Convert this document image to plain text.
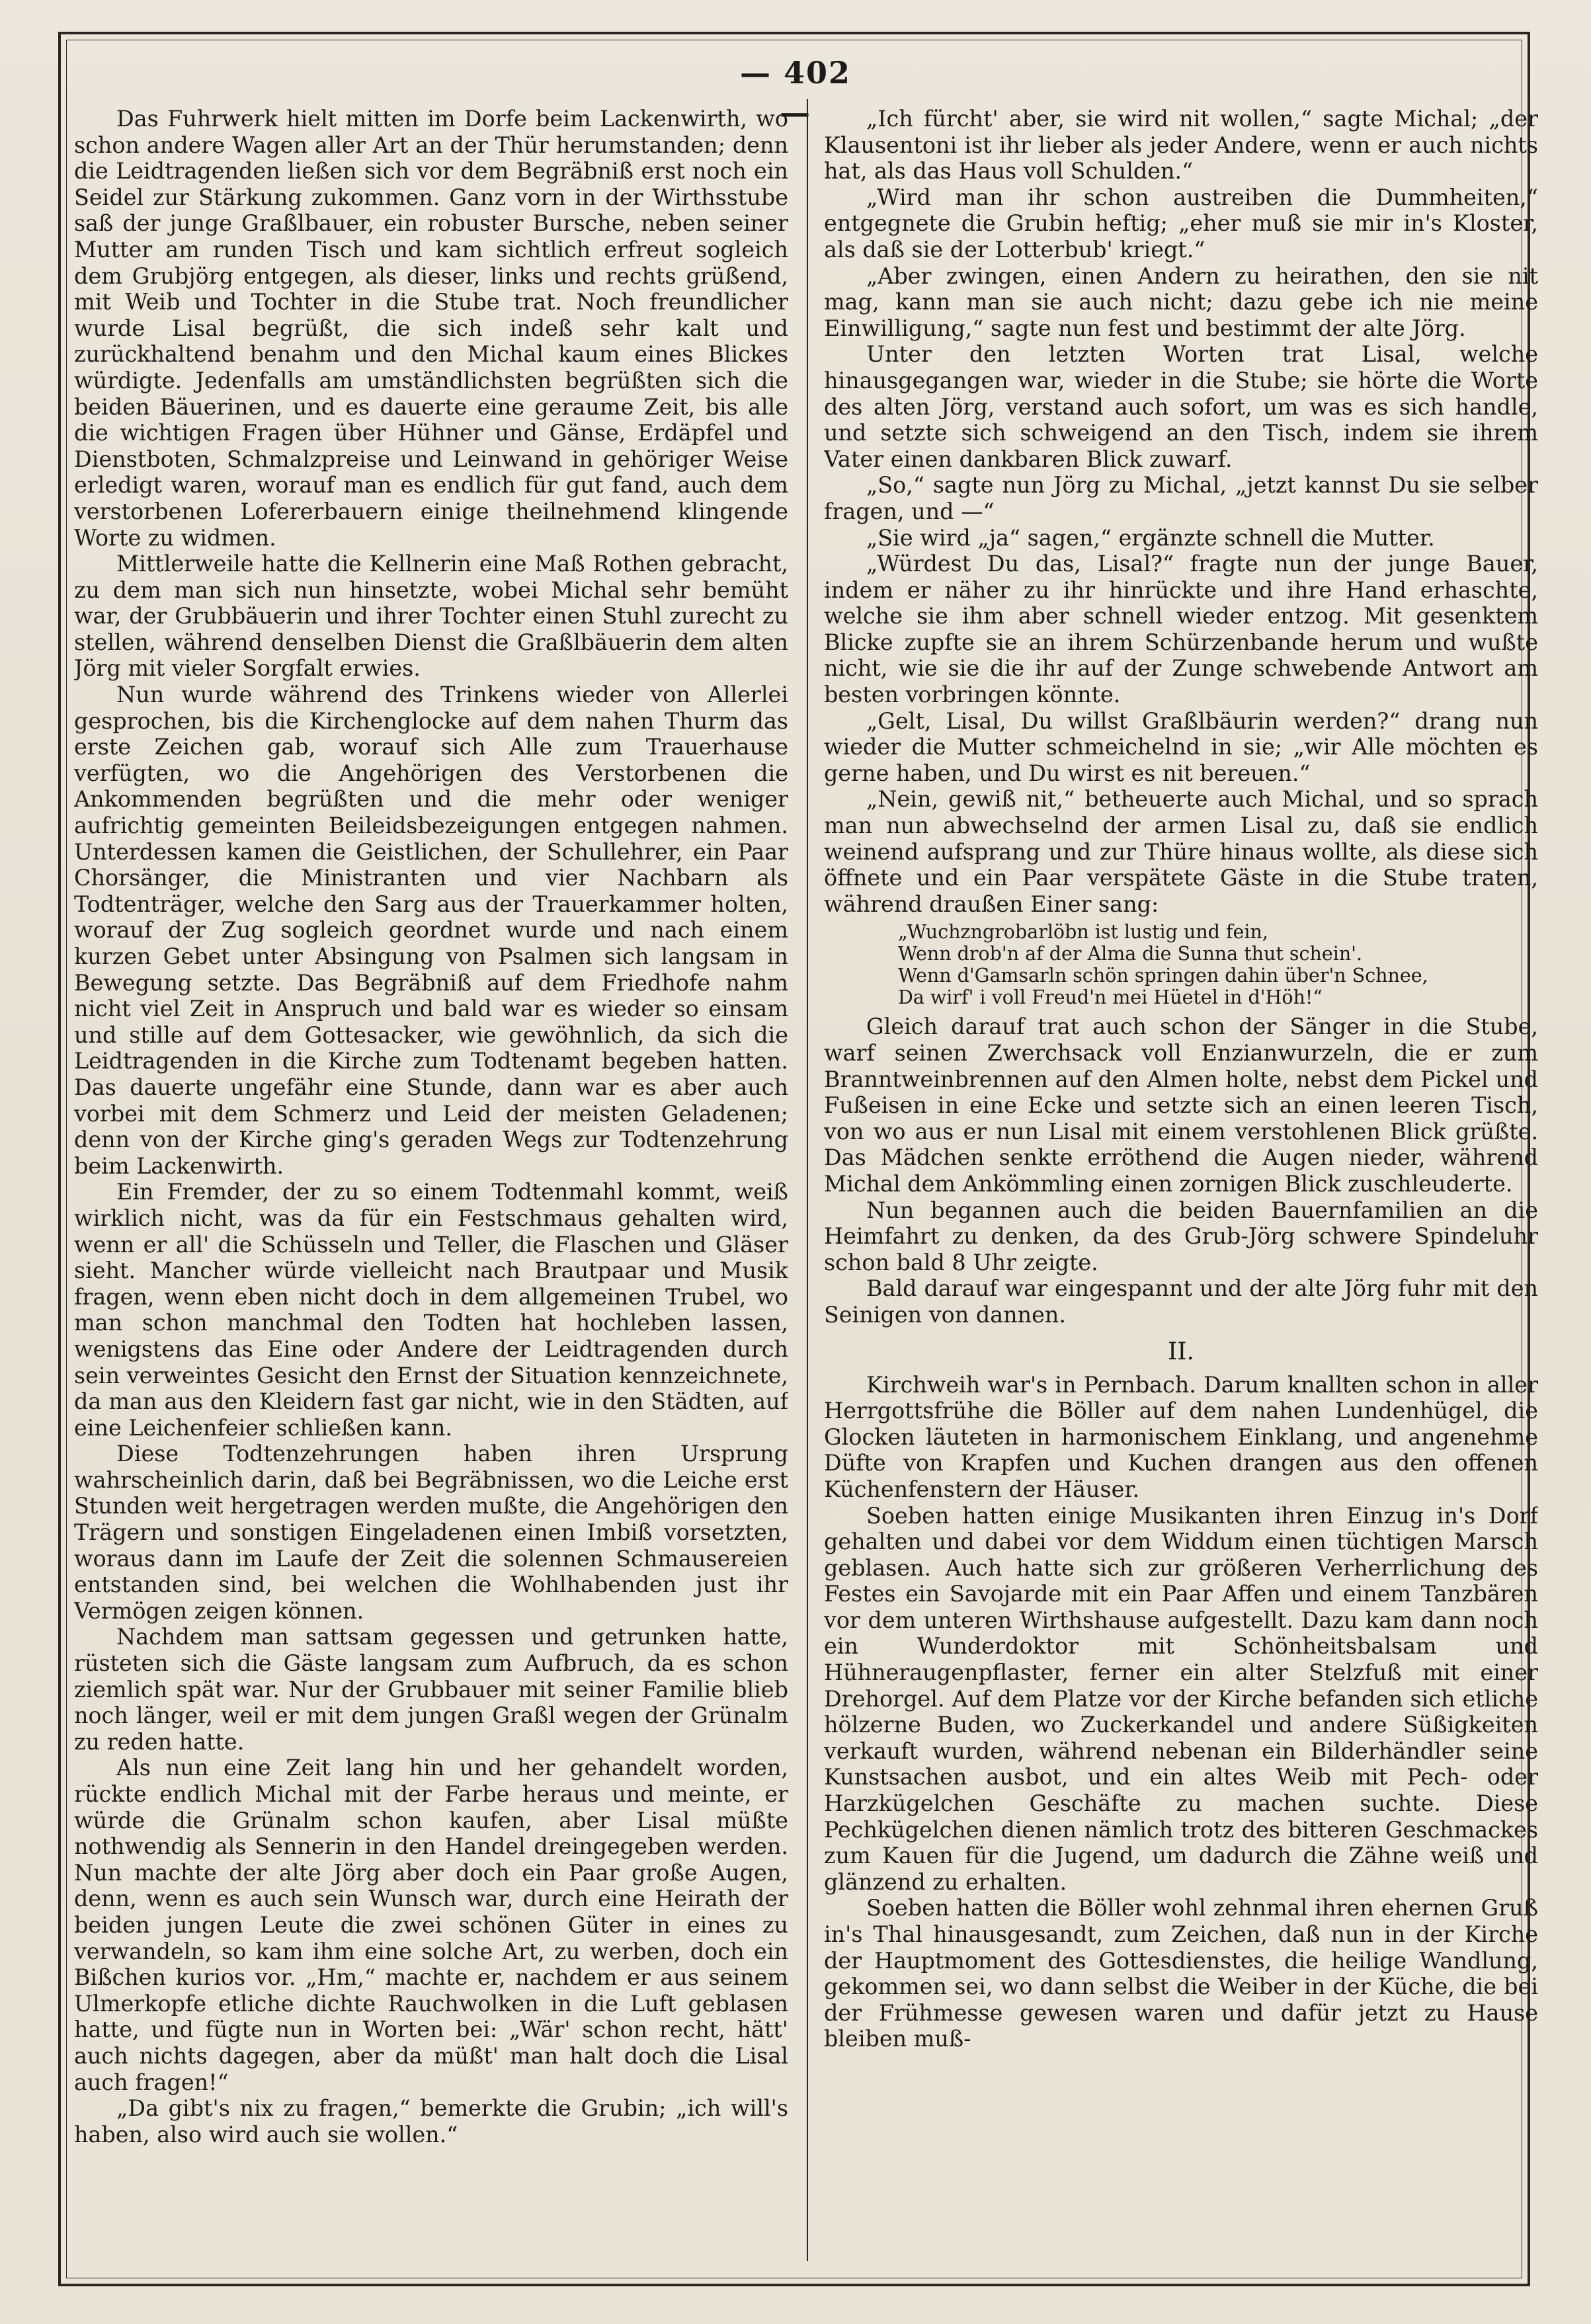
— 402 —

Das Fuhrwerk hielt mitten im Dorfe beim Lackenwirth, wo schon andere Wagen aller Art an der Thür herumstanden; denn die Leidtragenden ließen sich vor dem Begräbniß erst noch ein Seidel zur Stärkung zukommen. Ganz vorn in der Wirthsstube saß der junge Graßlbauer, ein robuster Bursche, neben seiner Mutter am runden Tisch und kam sichtlich erfreut sogleich dem Grubjörg entgegen, als dieser, links und rechts grüßend, mit Weib und Tochter in die Stube trat. Noch freundlicher wurde Lisal begrüßt, die sich indeß sehr kalt und zurückhaltend benahm und den Michal kaum eines Blickes würdigte. Jedenfalls am umständlichsten begrüßten sich die beiden Bäuerinen, und es dauerte eine geraume Zeit, bis alle die wichtigen Fragen über Hühner und Gänse, Erdäpfel und Dienstboten, Schmalzpreise und Leinwand in gehöriger Weise erledigt waren, worauf man es endlich für gut fand, auch dem verstorbenen Lofererbauern einige theilnehmend klingende Worte zu widmen.

Mittlerweile hatte die Kellnerin eine Maß Rothen gebracht, zu dem man sich nun hinsetzte, wobei Michal sehr bemüht war, der Grubbäuerin und ihrer Tochter einen Stuhl zurecht zu stellen, während denselben Dienst die Graßlbäuerin dem alten Jörg mit vieler Sorgfalt erwies.

Nun wurde während des Trinkens wieder von Allerlei gesprochen, bis die Kirchenglocke auf dem nahen Thurm das erste Zeichen gab, worauf sich Alle zum Trauerhause verfügten, wo die Angehörigen des Verstorbenen die Ankommenden begrüßten und die mehr oder weniger aufrichtig gemeinten Beileidsbezeigungen entgegen nahmen. Unterdessen kamen die Geistlichen, der Schullehrer, ein Paar Chorsänger, die Ministranten und vier Nachbarn als Todtenträger, welche den Sarg aus der Trauerkammer holten, worauf der Zug sogleich geordnet wurde und nach einem kurzen Gebet unter Absingung von Psalmen sich langsam in Bewegung setzte. Das Begräbniß auf dem Friedhofe nahm nicht viel Zeit in Anspruch und bald war es wieder so einsam und stille auf dem Gottesacker, wie gewöhnlich, da sich die Leidtragenden in die Kirche zum Todtenamt begeben hatten. Das dauerte ungefähr eine Stunde, dann war es aber auch vorbei mit dem Schmerz und Leid der meisten Geladenen; denn von der Kirche ging's geraden Wegs zur Todtenzehrung beim Lackenwirth.

Ein Fremder, der zu so einem Todtenmahl kommt, weiß wirklich nicht, was da für ein Festschmaus gehalten wird, wenn er all' die Schüsseln und Teller, die Flaschen und Gläser sieht. Mancher würde vielleicht nach Brautpaar und Musik fragen, wenn eben nicht doch in dem allgemeinen Trubel, wo man schon manchmal den Todten hat hochleben lassen, wenigstens das Eine oder Andere der Leidtragenden durch sein verweintes Gesicht den Ernst der Situation kennzeichnete, da man aus den Kleidern fast gar nicht, wie in den Städten, auf eine Leichenfeier schließen kann.

Diese Todtenzehrungen haben ihren Ursprung wahrscheinlich darin, daß bei Begräbnissen, wo die Leiche erst Stunden weit hergetragen werden mußte, die Angehörigen den Trägern und sonstigen Eingeladenen einen Imbiß vorsetzten, woraus dann im Laufe der Zeit die solennen Schmausereien entstanden sind, bei welchen die Wohlhabenden just ihr Vermögen zeigen können.

Nachdem man sattsam gegessen und getrunken hatte, rüsteten sich die Gäste langsam zum Aufbruch, da es schon ziemlich spät war. Nur der Grubbauer mit seiner Familie blieb noch länger, weil er mit dem jungen Graßl wegen der Grünalm zu reden hatte.

Als nun eine Zeit lang hin und her gehandelt worden, rückte endlich Michal mit der Farbe heraus und meinte, er würde die Grünalm schon kaufen, aber Lisal müßte nothwendig als Sennerin in den Handel dreingegeben werden. Nun machte der alte Jörg aber doch ein Paar große Augen, denn, wenn es auch sein Wunsch war, durch eine Heirath der beiden jungen Leute die zwei schönen Güter in eines zu verwandeln, so kam ihm eine solche Art, zu werben, doch ein Bißchen kurios vor. „Hm,“ machte er, nachdem er aus seinem Ulmerkopfe etliche dichte Rauchwolken in die Luft geblasen hatte, und fügte nun in Worten bei: „Wär' schon recht, hätt' auch nichts dagegen, aber da müßt' man halt doch die Lisal auch fragen!“

„Da gibt's nix zu fragen,“ bemerkte die Grubin; „ich will's haben, also wird auch sie wollen.“

„Ich fürcht' aber, sie wird nit wollen,“ sagte Michal; „der Klausentoni ist ihr lieber als jeder Andere, wenn er auch nichts hat, als das Haus voll Schulden.“

„Wird man ihr schon austreiben die Dummheiten,“ entgegnete die Grubin heftig; „eher muß sie mir in's Kloster, als daß sie der Lotterbub' kriegt.“

„Aber zwingen, einen Andern zu heirathen, den sie nit mag, kann man sie auch nicht; dazu gebe ich nie meine Einwilligung,“ sagte nun fest und bestimmt der alte Jörg.

Unter den letzten Worten trat Lisal, welche hinausgegangen war, wieder in die Stube; sie hörte die Worte des alten Jörg, verstand auch sofort, um was es sich handle, und setzte sich schweigend an den Tisch, indem sie ihrem Vater einen dankbaren Blick zuwarf.

„So,“ sagte nun Jörg zu Michal, „jetzt kannst Du sie selber fragen, und —“

„Sie wird „ja“ sagen,“ ergänzte schnell die Mutter.

„Würdest Du das, Lisal?“ fragte nun der junge Bauer, indem er näher zu ihr hinrückte und ihre Hand erhaschte, welche sie ihm aber schnell wieder entzog. Mit gesenktem Blicke zupfte sie an ihrem Schürzenbande herum und wußte nicht, wie sie die ihr auf der Zunge schwebende Antwort am besten vorbringen könnte.

„Gelt, Lisal, Du willst Graßlbäurin werden?“ drang nun wieder die Mutter schmeichelnd in sie; „wir Alle möchten es gerne haben, und Du wirst es nit bereuen.“

„Nein, gewiß nit,“ betheuerte auch Michal, und so sprach man nun abwechselnd der armen Lisal zu, daß sie endlich weinend aufsprang und zur Thüre hinaus wollte, als diese sich öffnete und ein Paar verspätete Gäste in die Stube traten, während draußen Einer sang:

„Wuchzngrobarlöbn ist lustig und fein,
Wenn drob'n af der Alma die Sunna thut schein'.
Wenn d'Gamsarln schön springen dahin über'n Schnee,
Da wirf' i voll Freud'n mei Hüetel in d'Höh!“

Gleich darauf trat auch schon der Sänger in die Stube, warf seinen Zwerchsack voll Enzianwurzeln, die er zum Branntweinbrennen auf den Almen holte, nebst dem Pickel und Fußeisen in eine Ecke und setzte sich an einen leeren Tisch, von wo aus er nun Lisal mit einem verstohlenen Blick grüßte. Das Mädchen senkte erröthend die Augen nieder, während Michal dem Ankömmling einen zornigen Blick zuschleuderte.

Nun begannen auch die beiden Bauernfamilien an die Heimfahrt zu denken, da des Grub-Jörg schwere Spindeluhr schon bald 8 Uhr zeigte.

Bald darauf war eingespannt und der alte Jörg fuhr mit den Seinigen von dannen.

II.

Kirchweih war's in Pernbach. Darum knallten schon in aller Herrgottsfrühe die Böller auf dem nahen Lundenhügel, die Glocken läuteten in harmonischem Einklang, und angenehme Düfte von Krapfen und Kuchen drangen aus den offenen Küchenfenstern der Häuser.

Soeben hatten einige Musikanten ihren Einzug in's Dorf gehalten und dabei vor dem Widdum einen tüchtigen Marsch geblasen. Auch hatte sich zur größeren Verherrlichung des Festes ein Savojarde mit ein Paar Affen und einem Tanzbären vor dem unteren Wirthshause aufgestellt. Dazu kam dann noch ein Wunderdoktor mit Schönheitsbalsam und Hühneraugenpflaster, ferner ein alter Stelzfuß mit einer Drehorgel. Auf dem Platze vor der Kirche befanden sich etliche hölzerne Buden, wo Zuckerkandel und andere Süßigkeiten verkauft wurden, während nebenan ein Bilderhändler seine Kunstsachen ausbot, und ein altes Weib mit Pech- oder Harzkügelchen Geschäfte zu machen suchte. Diese Pechkügelchen dienen nämlich trotz des bitteren Geschmackes zum Kauen für die Jugend, um dadurch die Zähne weiß und glänzend zu erhalten.

Soeben hatten die Böller wohl zehnmal ihren ehernen Gruß in's Thal hinausgesandt, zum Zeichen, daß nun in der Kirche der Hauptmoment des Gottesdienstes, die heilige Wandlung, gekommen sei, wo dann selbst die Weiber in der Küche, die bei der Frühmesse gewesen waren und dafür jetzt zu Hause bleiben muß-
